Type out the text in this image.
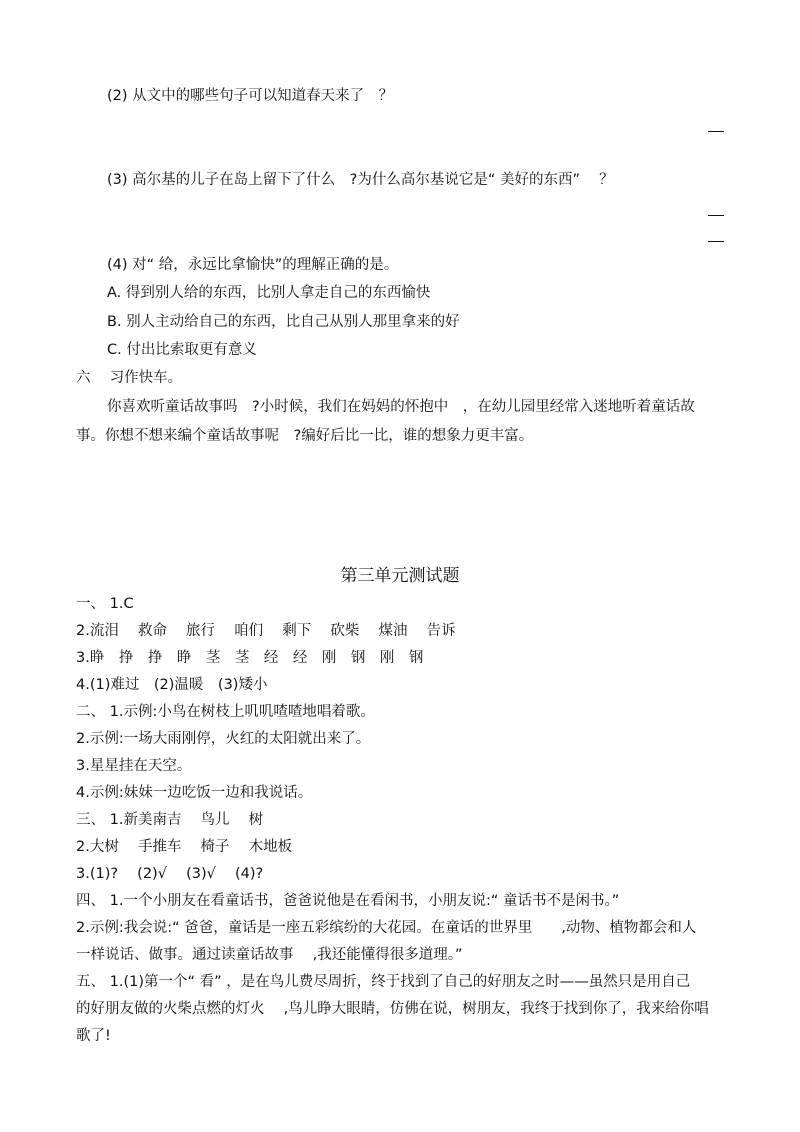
(2) 从文中的哪些句子可以知道春天来了　？
(3) 高尔基的儿子在岛上留下了什么　?为什么高尔基说它是“ 美好的东西”　 ？
(4) 对“ 给，永远比拿愉快”的理解正确的是。
A. 得到别人给的东西，比别人拿走自己的东西愉快
B. 别人主动给自己的东西，比自己从别人那里拿来的好
C. 付出比索取更有意义
六　 习作快车。
你喜欢听童话故事吗　?小时候，我们在妈妈的怀抱中　，在幼儿园里经常入迷地听着童话故
事。你想不想来编个童话故事呢　?编好后比一比，谁的想象力更丰富。
第三单元测试题
一、 1.C
2.流泪　 救命　 旅行　 咱们　 剩下　 砍柴　 煤油　 告诉
3.睁　挣　挣　睁　茎　茎　经　经　刚　钢　刚　钢
4.(1)难过　(2)温暖　(3)矮小
二、 1.示例:小鸟在树枝上叽叽喳喳地唱着歌。
2.示例:一场大雨刚停，火红的太阳就出来了。
3.星星挂在天空。
4.示例:妹妹一边吃饭一边和我说话。
三、 1.新美南吉　 鸟儿　 树
2.大树　 手推车　 椅子　 木地板
3.(1)?　 (2)√　 (3)√　 (4)?
四、 1.一个小朋友在看童话书，爸爸说他是在看闲书，小朋友说:“ 童话书不是闲书。”
2.示例:我会说:“ 爸爸，童话是一座五彩缤纷的大花园。在童话的世界里　　,动物、植物都会和人
一样说话、做事。通过读童话故事　 ,我还能懂得很多道理。”
五、 1.(1)第一个“ 看” ，是在鸟儿费尽周折，终于找到了自己的好朋友之时——虽然只是用自己
的好朋友做的火柴点燃的灯火　 ,鸟儿睁大眼睛，仿佛在说，树朋友，我终于找到你了，我来给你唱
歌了!
